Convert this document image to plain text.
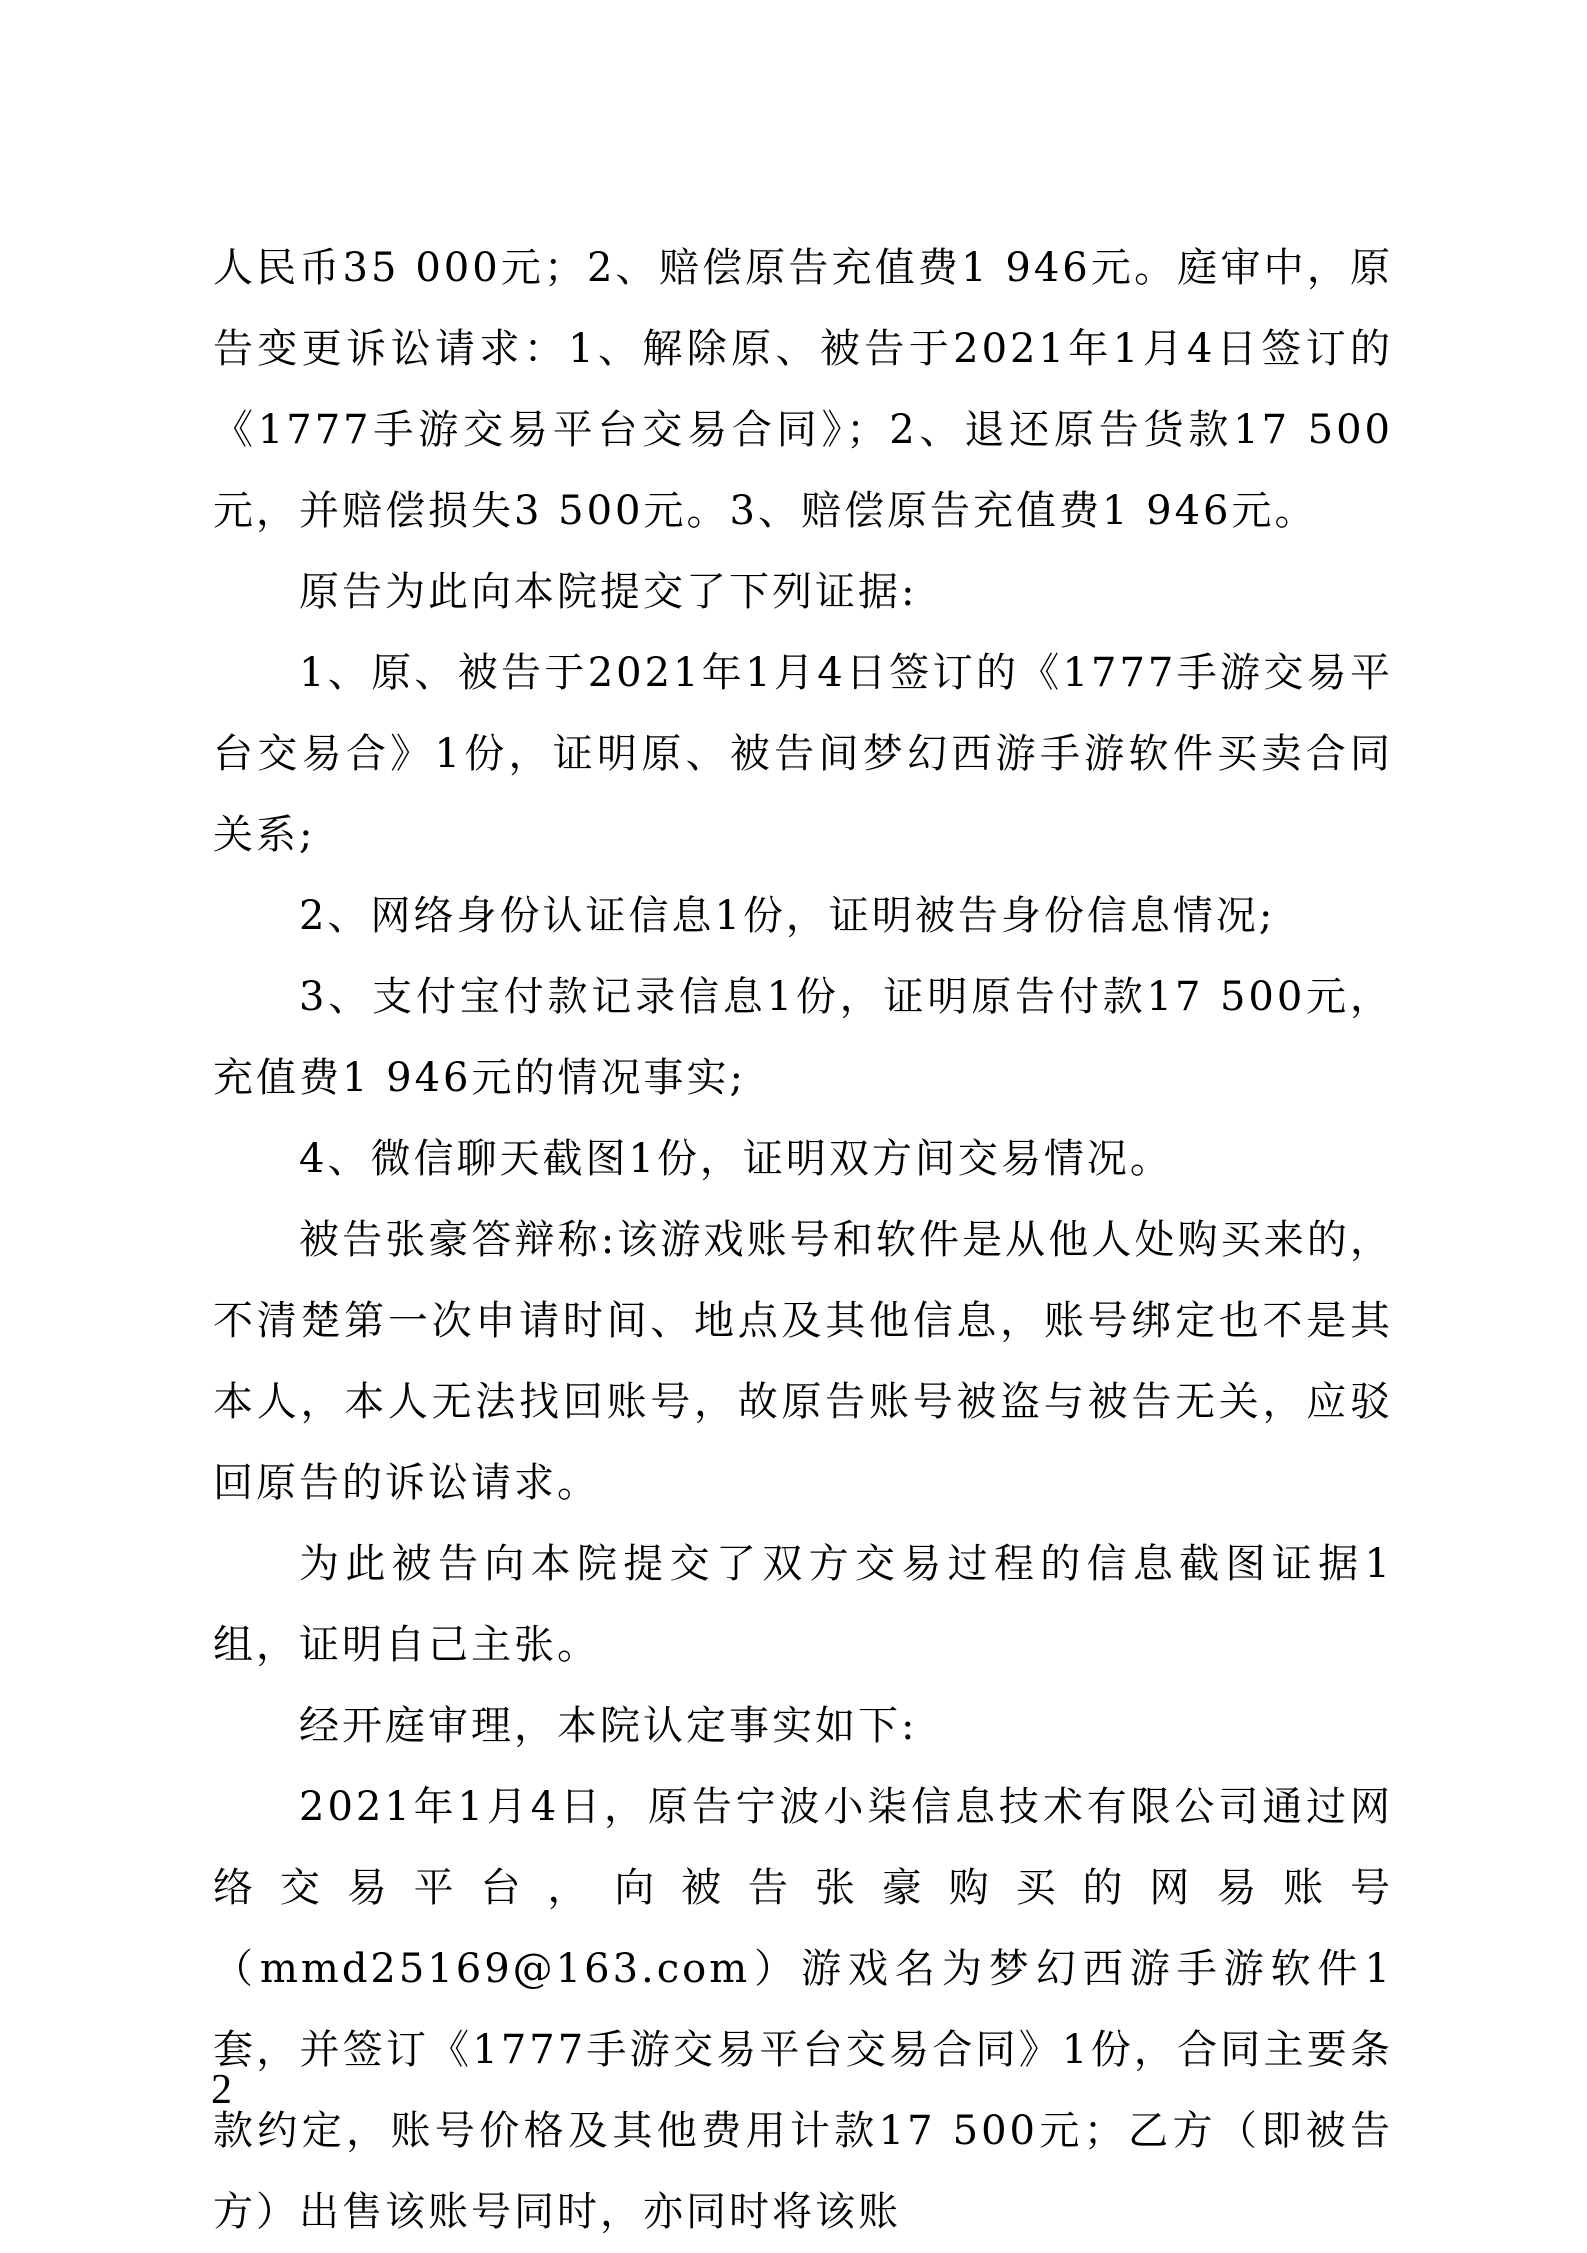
人民币35 000元；2、赔偿原告充值费1 946元。庭审中，原告变更诉讼请求：1、解除原、被告于2021年1月4日签订的《1777手游交易平台交易合同》；2、退还原告货款17 500元，并赔偿损失3 500元。3、赔偿原告充值费1 946元。

原告为此向本院提交了下列证据:

1、原、被告于2021年1月4日签订的《1777手游交易平台交易合》1份，证明原、被告间梦幻西游手游软件买卖合同关系;

2、网络身份认证信息1份，证明被告身份信息情况;

3、支付宝付款记录信息1份，证明原告付款17 500元，充值费1 946元的情况事实;

4、微信聊天截图1份，证明双方间交易情况。

被告张豪答辩称:该游戏账号和软件是从他人处购买来的，不清楚第一次申请时间、地点及其他信息，账号绑定也不是其本人，本人无法找回账号，故原告账号被盗与被告无关，应驳回原告的诉讼请求。

为此被告向本院提交了双方交易过程的信息截图证据1组，证明自己主张。

经开庭审理，本院认定事实如下:

2021年1月4日，原告宁波小柒信息技术有限公司通过网络交易平台，向被告张豪购买的网易账号（mmd25169@163.com）游戏名为梦幻西游手游软件1套，并签订《1777手游交易平台交易合同》1份，合同主要条款约定，账号价格及其他费用计款17 500元；乙方（即被告方）出售该账号同时，亦同时将该账

2
